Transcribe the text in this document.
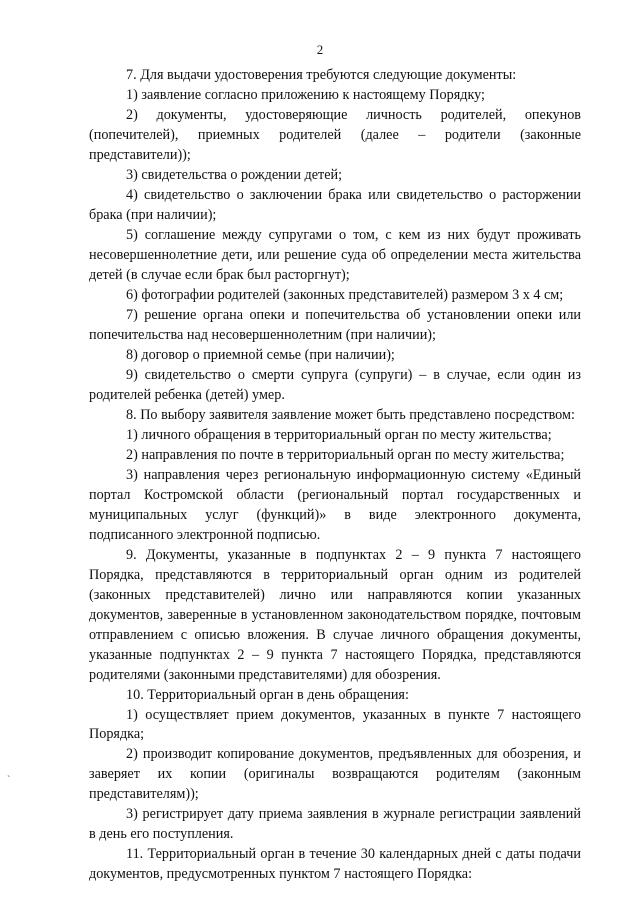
2

7. Для выдачи удостоверения требуются следующие документы:

1) заявление согласно приложению к настоящему Порядку;

2) документы, удостоверяющие личность родителей, опекунов (попечителей), приемных родителей (далее – родители (законные представители));

3) свидетельства о рождении детей;

4) свидетельство о заключении брака или свидетельство о расторжении брака (при наличии);

5) соглашение между супругами о том, с кем из них будут проживать несовершеннолетние дети, или решение суда об определении места жительства детей (в случае если брак был расторгнут);

6) фотографии родителей (законных представителей) размером 3 х 4 см;

7) решение органа опеки и попечительства об установлении опеки или попечительства над несовершеннолетним (при наличии);

8) договор о приемной семье (при наличии);

9) свидетельство о смерти супруга (супруги) – в случае, если один из родителей ребенка (детей) умер.

8. По выбору заявителя заявление может быть представлено посредством:

1) личного обращения в территориальный орган по месту жительства;

2) направления по почте в территориальный орган по месту жительства;

3) направления через региональную информационную систему «Единый портал Костромской области (региональный портал государственных и муниципальных услуг (функций)» в виде электронного документа, подписанного электронной подписью.

9. Документы, указанные в подпунктах 2 – 9 пункта 7 настоящего Порядка, представляются в территориальный орган одним из родителей (законных представителей) лично или направляются копии указанных документов, заверенные в установленном законодательством порядке, почтовым отправлением с описью вложения. В случае личного обращения документы, указанные подпунктах 2 – 9 пункта 7 настоящего Порядка, представляются родителями (законными представителями) для обозрения.

10. Территориальный орган в день обращения:

1) осуществляет прием документов, указанных в пункте 7 настоящего Порядка;

2) производит копирование документов, предъявленных для обозрения, и заверяет их копии (оригиналы возвращаются родителям (законным представителям));

3) регистрирует дату приема заявления в журнале регистрации заявлений в день его поступления.

11. Территориальный орган в течение 30 календарных дней с даты подачи документов, предусмотренных пунктом 7 настоящего Порядка:

`
